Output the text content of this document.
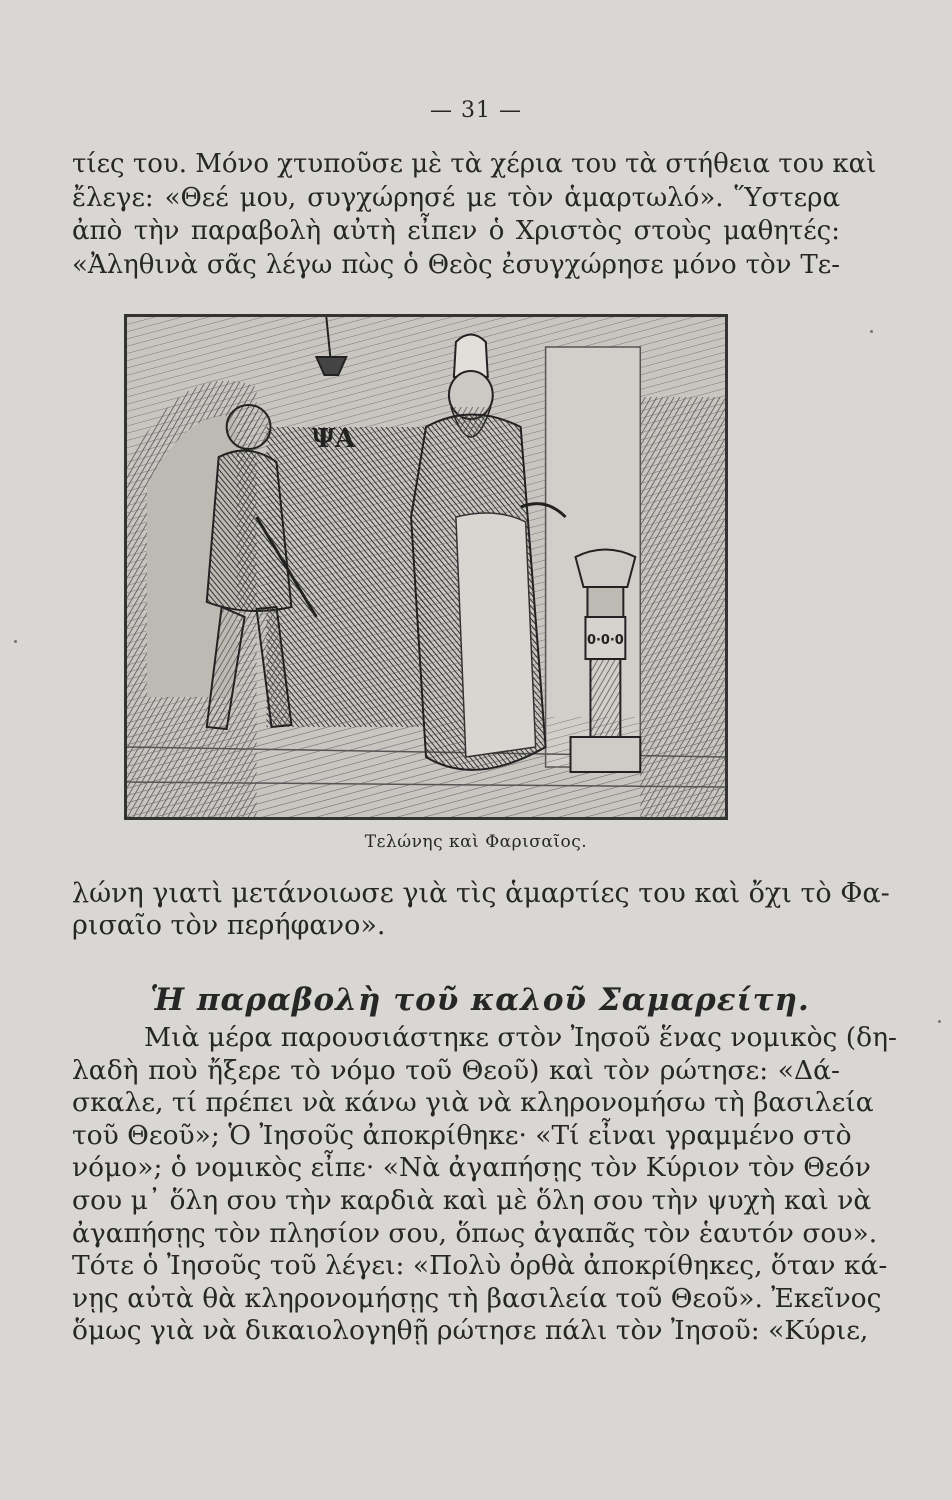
— 31 —
τίες του. Μόνο χτυποῦσε μὲ τὰ χέρια του τὰ στήθεια του καὶ
ἔλεγε: «Θεέ μου, συγχώρησέ με τὸν ἁμαρτωλό». Ὕστερα
ἀπὸ τὴν παραβολὴ αὐτὴ εἶπεν ὁ Χριστὸς στοὺς μαθητές:
«Ἀληθινὰ σᾶς λέγω πὼς ὁ Θεὸς ἐσυγχώρησε μόνο τὸν Τε-
0·0·0
ΨΑ
Τελώνης καὶ Φαρισαῖος.
λώνη γιατὶ μετάνοιωσε γιὰ τὶς ἁμαρτίες του καὶ ὄχι τὸ Φα-
ρισαῖο τὸν περήφανο».
Ἡ παραβολὴ τοῦ καλοῦ Σαμαρείτη.
Μιὰ μέρα παρουσιάστηκε στὸν Ἰησοῦ ἕνας νομικὸς (δη-
λαδὴ ποὺ ἤξερε τὸ νόμο τοῦ Θεοῦ) καὶ τὸν ρώτησε: «Δά-
σκαλε, τί πρέπει νὰ κάνω γιὰ νὰ κληρονομήσω τὴ βασιλεία
τοῦ Θεοῦ»; Ὁ Ἰησοῦς ἀποκρίθηκε· «Τί εἶναι γραμμένο στὸ
νόμο»; ὁ νομικὸς εἶπε· «Νὰ ἀγαπήσῃς τὸν Κύριον τὸν Θεόν
σου μ᾽ ὅλη σου τὴν καρδιὰ καὶ μὲ ὅλη σου τὴν ψυχὴ καὶ νὰ
ἀγαπήσῃς τὸν πλησίον σου, ὅπως ἀγαπᾶς τὸν ἑαυτόν σου».
Τότε ὁ Ἰησοῦς τοῦ λέγει: «Πολὺ ὀρθὰ ἀποκρίθηκες, ὅταν κά-
νῃς αὐτὰ θὰ κληρονομήσῃς τὴ βασιλεία τοῦ Θεοῦ». Ἐκεῖνος
ὅμως γιὰ νὰ δικαιολογηθῇ ρώτησε πάλι τὸν Ἰησοῦ: «Κύριε,
